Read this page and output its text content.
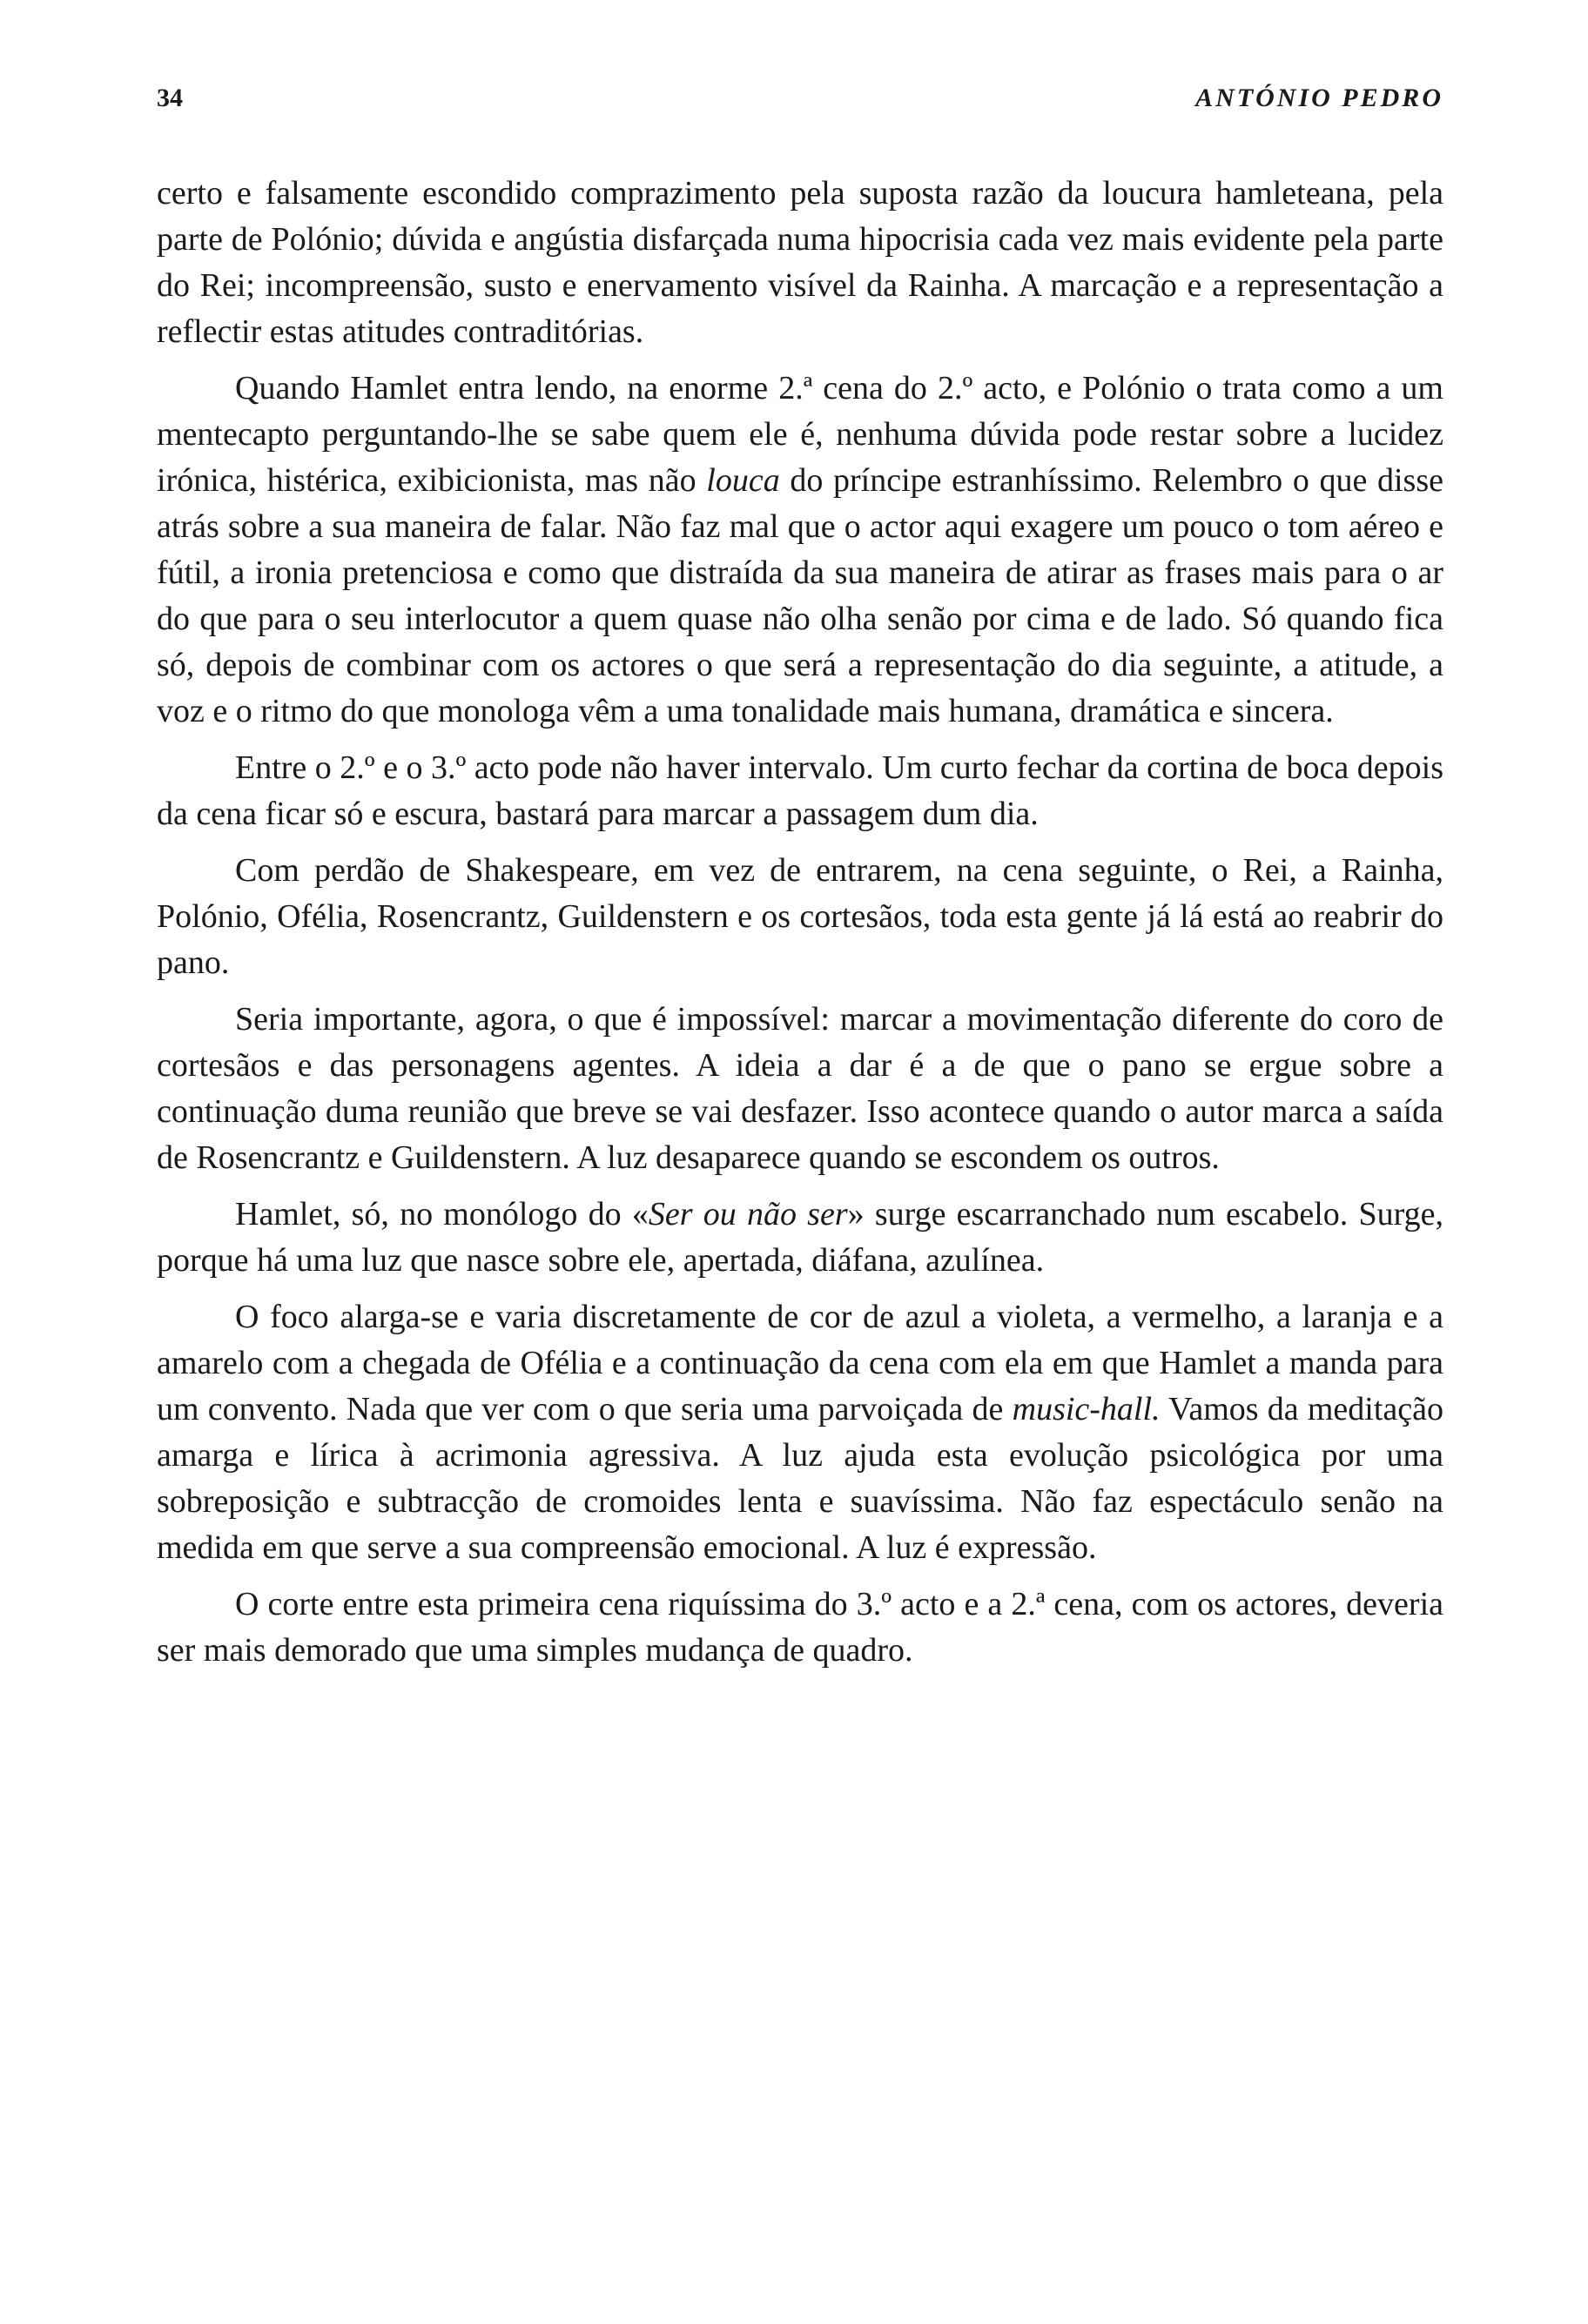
34	ANTÓNIO PEDRO

certo e falsamente escondido comprazimento pela suposta razão da loucura hamleteana, pela parte de Polónio; dúvida e angústia disfarçada numa hipocrisia cada vez mais evidente pela parte do Rei; incompreensão, susto e enervamento visível da Rainha. A marcação e a representação a reflectir estas atitudes contraditórias.

Quando Hamlet entra lendo, na enorme 2.ª cena do 2.º acto, e Polónio o trata como a um mentecapto perguntando-lhe se sabe quem ele é, nenhuma dúvida pode restar sobre a lucidez irónica, histérica, exibicionista, mas não louca do príncipe estranhíssimo. Relembro o que disse atrás sobre a sua maneira de falar. Não faz mal que o actor aqui exagere um pouco o tom aéreo e fútil, a ironia pretenciosa e como que distraída da sua maneira de atirar as frases mais para o ar do que para o seu interlocutor a quem quase não olha senão por cima e de lado. Só quando fica só, depois de combinar com os actores o que será a representação do dia seguinte, a atitude, a voz e o ritmo do que monologa vêm a uma tonalidade mais humana, dramática e sincera.

Entre o 2.º e o 3.º acto pode não haver intervalo. Um curto fechar da cortina de boca depois da cena ficar só e escura, bastará para marcar a passagem dum dia.

Com perdão de Shakespeare, em vez de entrarem, na cena seguinte, o Rei, a Rainha, Polónio, Ofélia, Rosencrantz, Guildenstern e os cortesãos, toda esta gente já lá está ao reabrir do pano.

Seria importante, agora, o que é impossível: marcar a movimentação diferente do coro de cortesãos e das personagens agentes. A ideia a dar é a de que o pano se ergue sobre a continuação duma reunião que breve se vai desfazer. Isso acontece quando o autor marca a saída de Rosencrantz e Guildenstern. A luz desaparece quando se escondem os outros.

Hamlet, só, no monólogo do «Ser ou não ser» surge escarranchado num escabelo. Surge, porque há uma luz que nasce sobre ele, apertada, diáfana, azulínea.

O foco alarga-se e varia discretamente de cor de azul a violeta, a vermelho, a laranja e a amarelo com a chegada de Ofélia e a continuação da cena com ela em que Hamlet a manda para um convento. Nada que ver com o que seria uma parvoiçada de music-hall. Vamos da meditação amarga e lírica à acrimonia agressiva. A luz ajuda esta evolução psicológica por uma sobreposição e subtracção de cromoides lenta e suavíssima. Não faz espectáculo senão na medida em que serve a sua compreensão emocional. A luz é expressão.

O corte entre esta primeira cena riquíssima do 3.º acto e a 2.ª cena, com os actores, deveria ser mais demorado que uma simples mudança de quadro.
